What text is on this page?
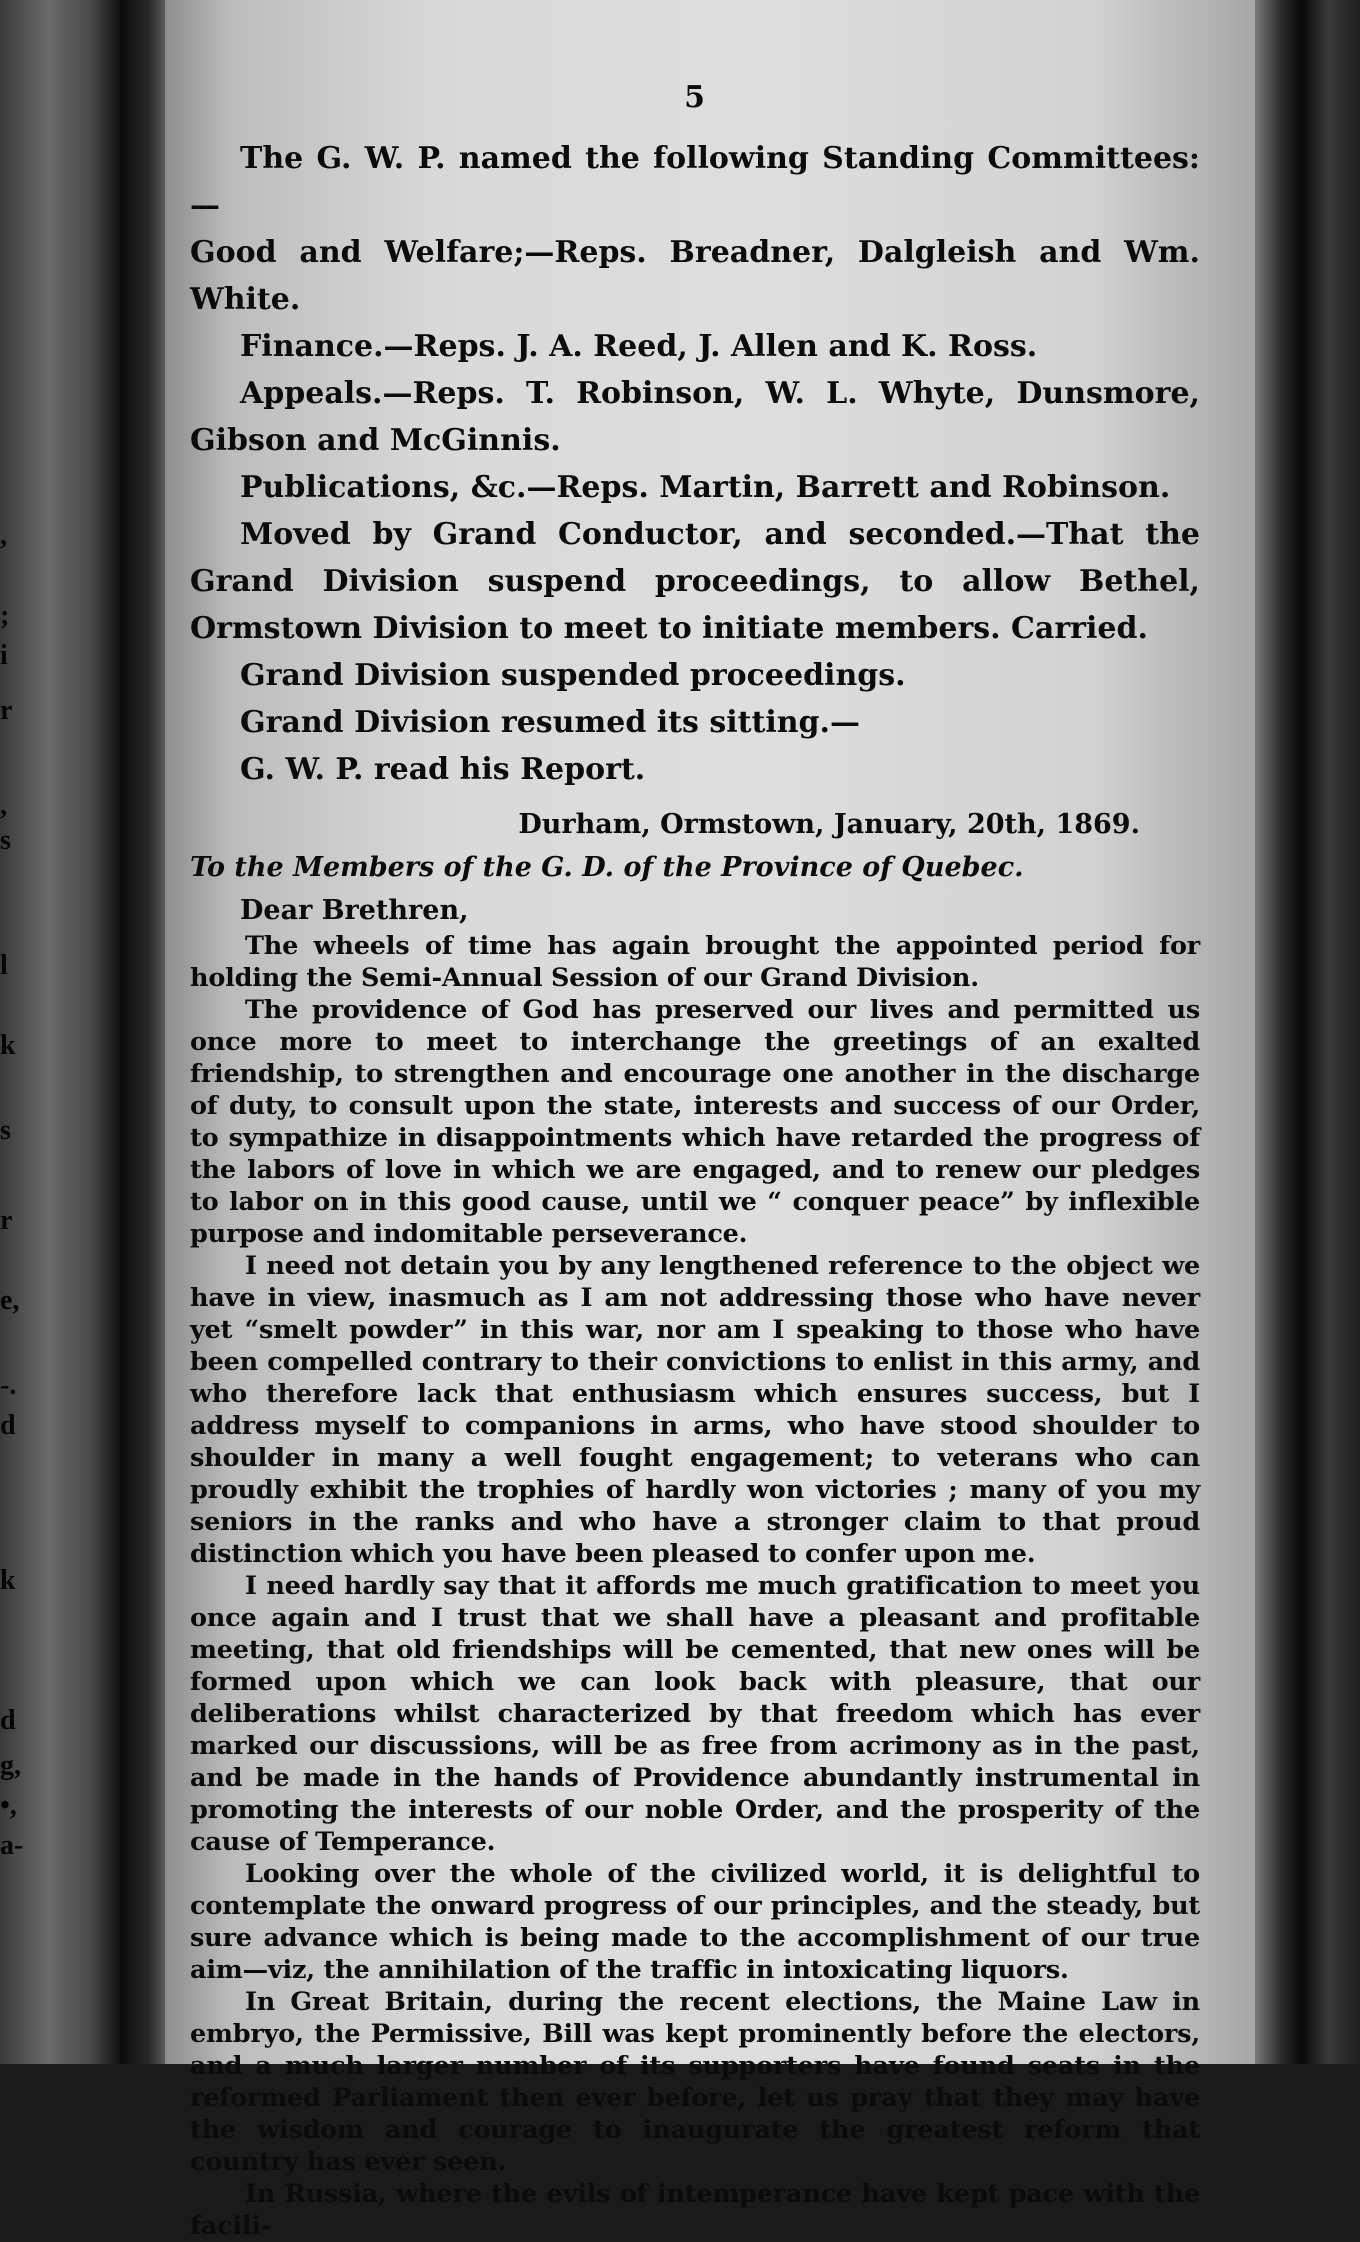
,
;
i
r
,
s
l
k
s
r
e,
-.
d
k
d
g,
•,
a-
5

The G. W. P. named the following Standing Committees:—

Good and Welfare;—Reps. Breadner, Dalgleish and Wm. White.

Finance.—Reps. J. A. Reed, J. Allen and K. Ross.

Appeals.—Reps. T. Robinson, W. L. Whyte, Dunsmore, Gibson and McGinnis.

Publications, &c.—Reps. Martin, Barrett and Robinson.

Moved by Grand Conductor, and seconded.—That the Grand Division suspend proceedings, to allow Bethel, Ormstown Division to meet to initiate members. Carried.

Grand Division suspended proceedings.

Grand Division resumed its sitting.—

G. W. P. read his Report.

Durham, Ormstown, January, 20th, 1869.
To the Members of the G. D. of the Province of Quebec.
Dear Brethren,

The wheels of time has again brought the appointed period for holding the Semi-Annual Session of our Grand Division.

The providence of God has preserved our lives and permitted us once more to meet to interchange the greetings of an exalted friendship, to strengthen and encourage one another in the discharge of duty, to consult upon the state, interests and success of our Order, to sympathize in disappointments which have retarded the progress of the labors of love in which we are engaged, and to renew our pledges to labor on in this good cause, until we “ conquer peace” by inflexible purpose and indomitable perseverance.

I need not detain you by any lengthened reference to the object we have in view, inasmuch as I am not addressing those who have never yet “smelt powder” in this war, nor am I speaking to those who have been compelled contrary to their convictions to enlist in this army, and who therefore lack that enthusiasm which ensures success, but I address myself to companions in arms, who have stood shoulder to shoulder in many a well fought engagement; to veterans who can proudly exhibit the trophies of hardly won victories ; many of you my seniors in the ranks and who have a stronger claim to that proud distinction which you have been pleased to confer upon me.

I need hardly say that it affords me much gratification to meet you once again and I trust that we shall have a pleasant and profitable meeting, that old friendships will be cemented, that new ones will be formed upon which we can look back with pleasure, that our deliberations whilst characterized by that freedom which has ever marked our discussions, will be as free from acrimony as in the past, and be made in the hands of Providence abundantly instrumental in promoting the interests of our noble Order, and the prosperity of the cause of Temperance.

Looking over the whole of the civilized world, it is delightful to contemplate the onward progress of our principles, and the steady, but sure advance which is being made to the accomplishment of our true aim—viz, the annihilation of the traffic in intoxicating liquors.

In Great Britain, during the recent elections, the Maine Law in embryo, the Permissive, Bill was kept prominently before the electors, and a much larger number of its supporters have found seats in the reformed Parliament then ever before, let us pray that they may have the wisdom and courage to inaugurate the greatest reform that country has ever seen.

In Russia, where the evils of intemperance have kept pace with the facili-
